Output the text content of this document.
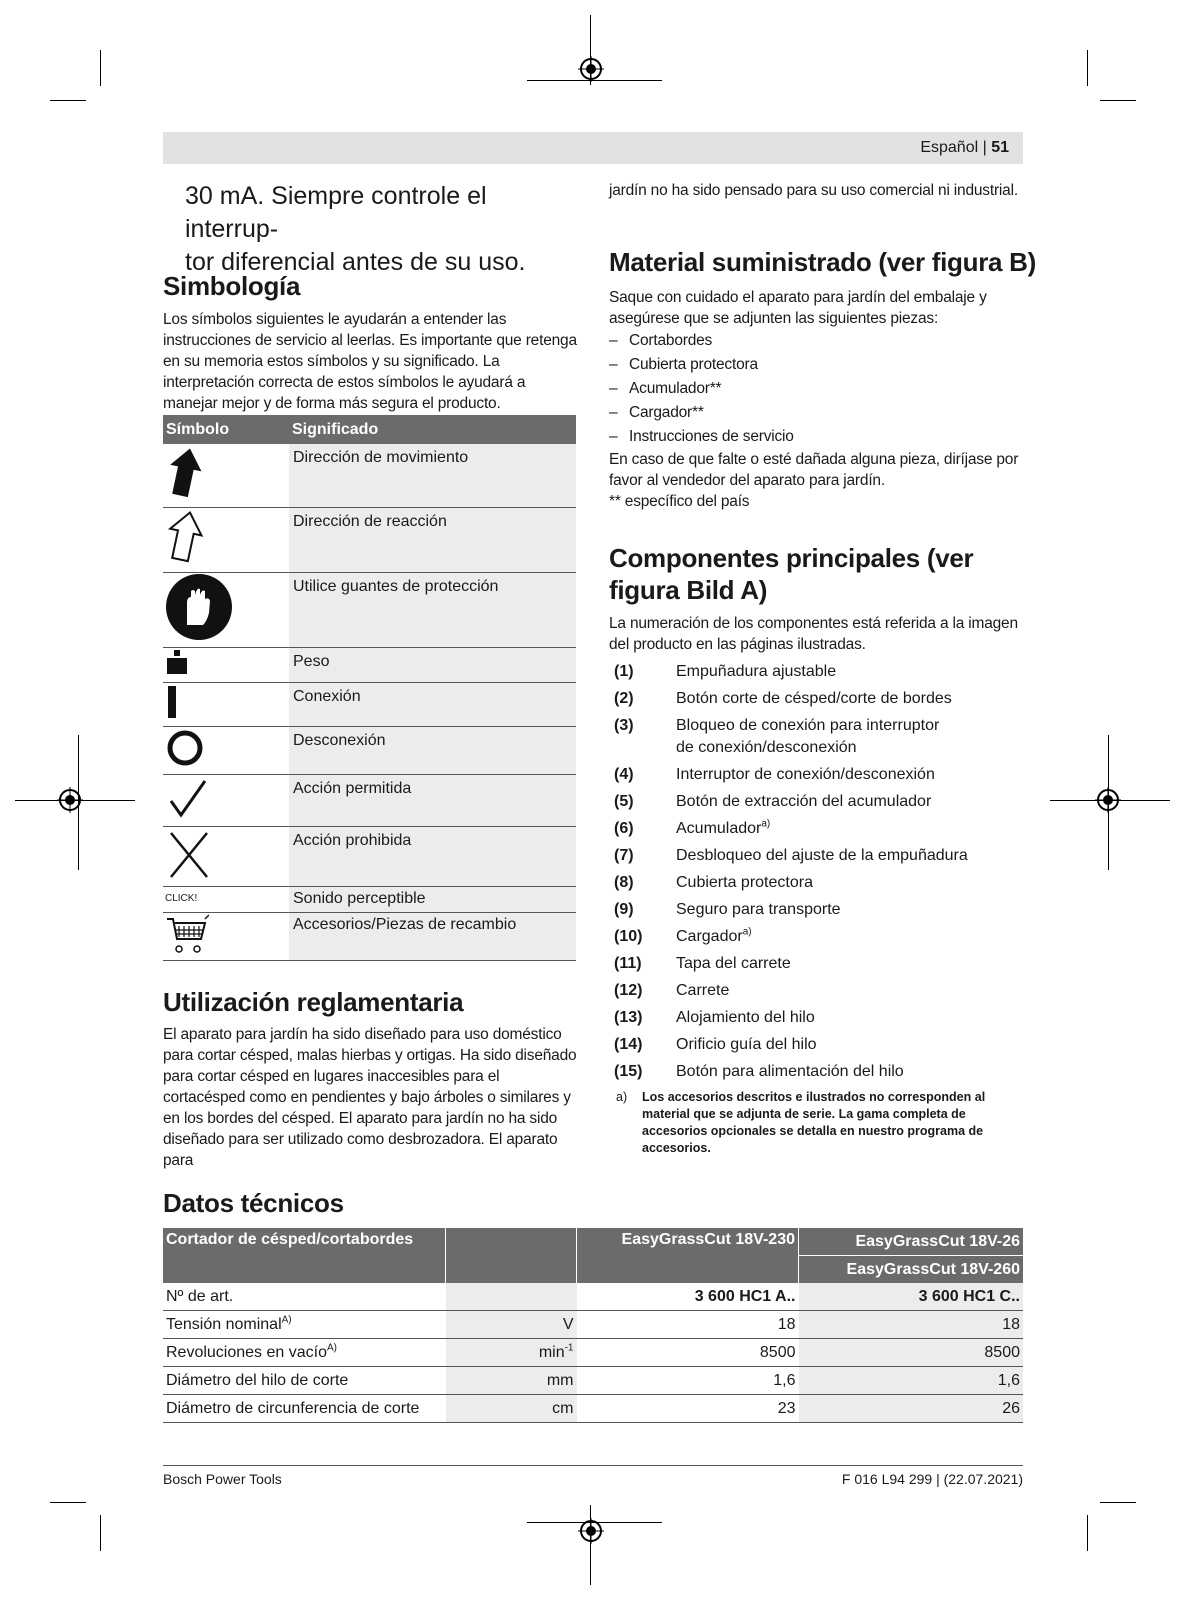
Español | 51
30 mA. Siempre controle el interrup-
tor diferencial antes de su uso.
Simbología
Los símbolos siguientes le ayudarán a entender las instrucciones de servicio al leerlas. Es importante que retenga en su memoria estos símbolos y su significado. La interpretación correcta de estos símbolos le ayudará a manejar mejor y de forma más segura el producto.
Símbolo	Significado
	Dirección de movimiento
	Dirección de reacción
	Utilice guantes de protección
	Peso
	Conexión
	Desconexión
	Acción permitida
	Acción prohibida
CLICK!	Sonido perceptible
	Accesorios/Piezas de recambio
Utilización reglamentaria
El aparato para jardín ha sido diseñado para uso doméstico para cortar césped, malas hierbas y ortigas. Ha sido diseñado para cortar césped en lugares inaccesibles para el cortacésped como en pendientes y bajo árboles o similares y en los bordes del césped. El aparato para jardín no ha sido diseñado para ser utilizado como desbrozadora. El aparato para
jardín no ha sido pensado para su uso comercial ni industrial.
Material suministrado (ver figura B)
Saque con cuidado el aparato para jardín del embalaje y asegúrese que se adjunten las siguientes piezas:
– Cortabordes
– Cubierta protectora
– Acumulador**
– Cargador**
– Instrucciones de servicio
En caso de que falte o esté dañada alguna pieza, diríjase por favor al vendedor del aparato para jardín.
** específico del país
Componentes principales (ver
figura Bild A)
La numeración de los componentes está referida a la imagen del producto en las páginas ilustradas.
(1)	Empuñadura ajustable
(2)	Botón corte de césped/corte de bordes
(3)	Bloqueo de conexión para interruptor de conexión/desconexión
(4)	Interruptor de conexión/desconexión
(5)	Botón de extracción del acumulador
(6)	Acumulador$^{a)}$
(7)	Desbloqueo del ajuste de la empuñadura
(8)	Cubierta protectora
(9)	Seguro para transporte
(10)	Cargador$^{a)}$
(11)	Tapa del carrete
(12)	Carrete
(13)	Alojamiento del hilo
(14)	Orificio guía del hilo
(15)	Botón para alimentación del hilo
a)	Los accesorios descritos e ilustrados no corresponden al material que se adjunta de serie. La gama completa de accesorios opcionales se detalla en nuestro programa de accesorios.
Datos técnicos
Cortador de césped/cortabordes		EasyGrassCut 18V-230	EasyGrassCut 18V-26
			EasyGrassCut 18V-260
Nº de art.		3 600 HC1 A..	3 600 HC1 C..
Tensión nominal$^{A)}$	V	18	18
Revoluciones en vacío$^{A)}$	$\min^{-1}$	8500	8500
Diámetro del hilo de corte	mm	1,6	1,6
Diámetro de circunferencia de corte	cm	23	26
Bosch Power Tools	F 016 L94 299 | (22.07.2021)
